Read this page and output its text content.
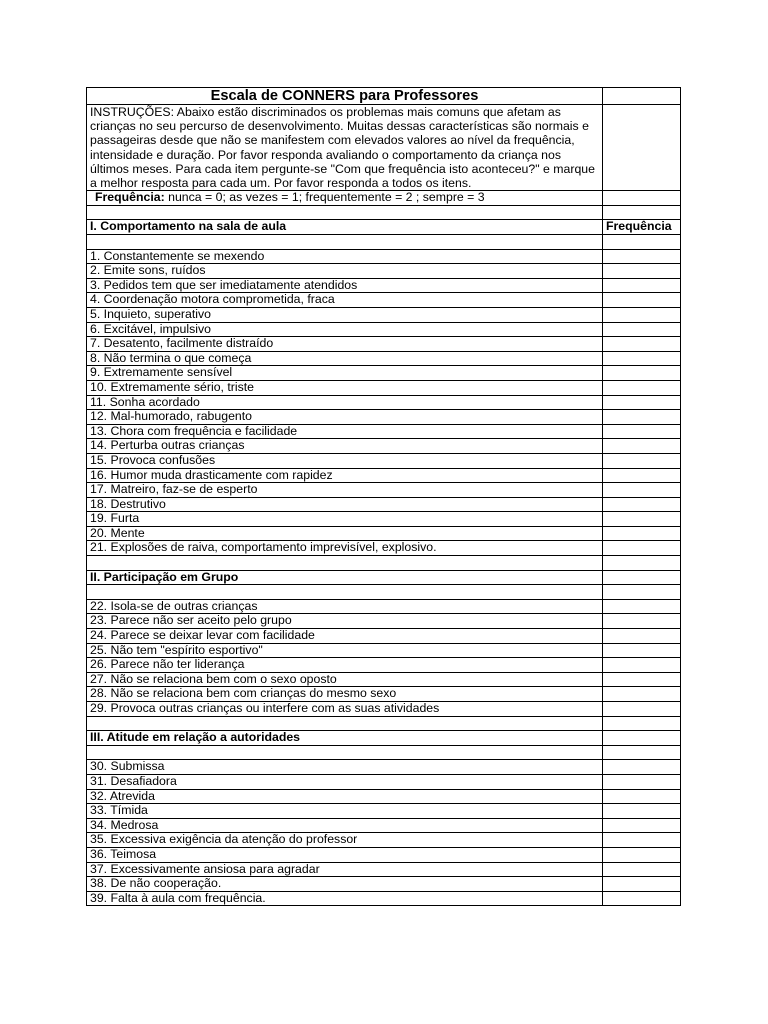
Escala de CONNERS para Professores	
INSTRUÇÕES: Abaixo estão discriminados os problemas mais comuns que afetam as crianças no seu percurso de desenvolvimento. Muitas dessas características são normais e passageiras desde que não se manifestem com elevados valores ao nível da frequência, intensidade e duração. Por favor responda avaliando o comportamento da criança nos últimos meses. Para cada item pergunte-se "Com que frequência isto aconteceu?" e marque a melhor resposta para cada um. Por favor responda a todos os itens.	
Frequência: nunca = 0; as vezes = 1; frequentemente = 2 ; sempre = 3	

I. Comportamento na sala de aula	Frequência

1. Constantemente se mexendo	
2. Emite sons, ruídos	
3. Pedidos tem que ser imediatamente atendidos	
4. Coordenação motora comprometida, fraca	
5. Inquieto, superativo	
6. Excitável, impulsivo	
7. Desatento, facilmente distraído	
8. Não termina o que começa	
9. Extremamente sensível	
10. Extremamente sério, triste	
11. Sonha acordado	
12. Mal-humorado, rabugento	
13. Chora com frequência e facilidade	
14. Perturba outras crianças	
15. Provoca confusões	
16. Humor muda drasticamente com rapidez	
17. Matreiro, faz-se de esperto	
18. Destrutivo	
19. Furta	
20. Mente	
21. Explosões de raiva, comportamento imprevisível, explosivo.	

II. Participação em Grupo	

22. Isola-se de outras crianças	
23. Parece não ser aceito pelo grupo	
24. Parece se deixar levar com facilidade	
25. Não tem "espírito esportivo"	
26. Parece não ter liderança	
27. Não se relaciona bem com o sexo oposto	
28. Não se relaciona bem com crianças do mesmo sexo	
29. Provoca outras crianças ou interfere com as suas atividades	

III. Atitude em relação a autoridades	

30. Submissa	
31. Desafiadora	
32. Atrevida	
33. Tímida	
34. Medrosa	
35. Excessiva exigência da atenção do professor	
36. Teimosa	
37. Excessivamente ansiosa para agradar	
38. De não cooperação.	
39. Falta à aula com frequência.	
